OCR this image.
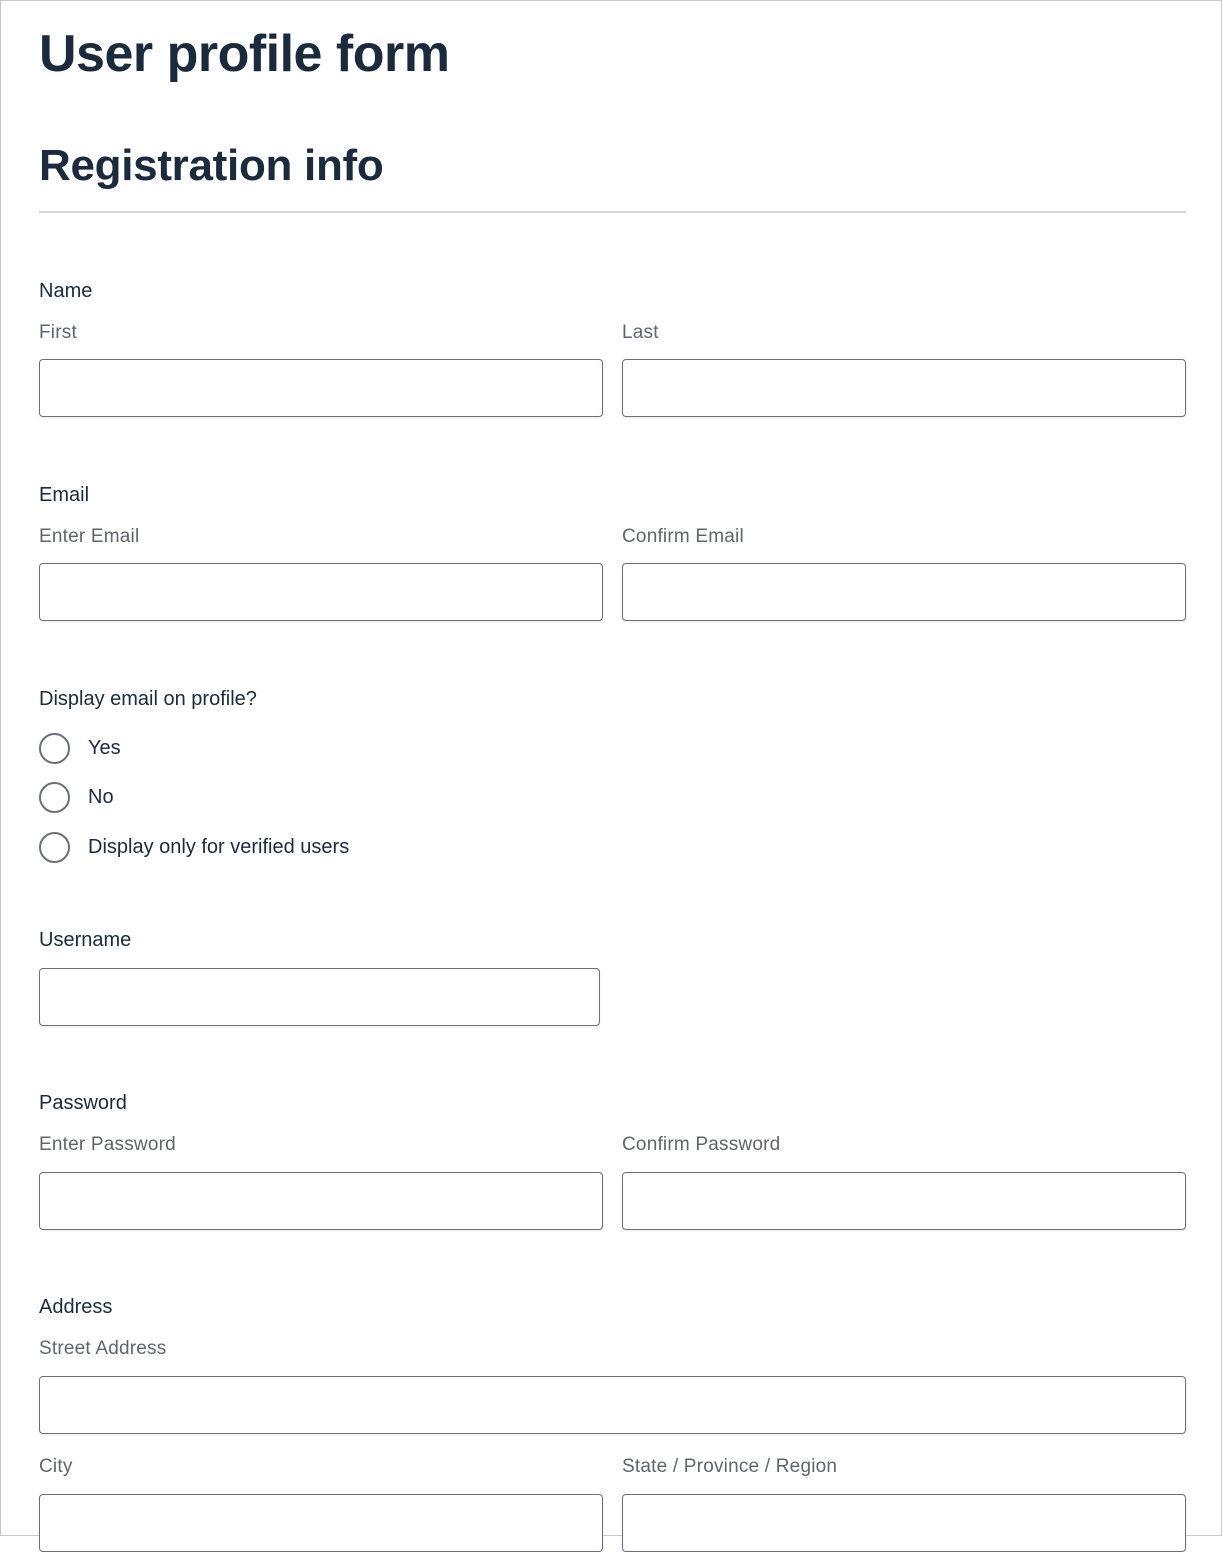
User profile form
Registration info
Name
First	Last
Email
Enter Email	Confirm Email
Display email on profile?
Yes
No
Display only for verified users
Username
Password
Enter Password	Confirm Password
Address
Street Address
City	State / Province / Region
